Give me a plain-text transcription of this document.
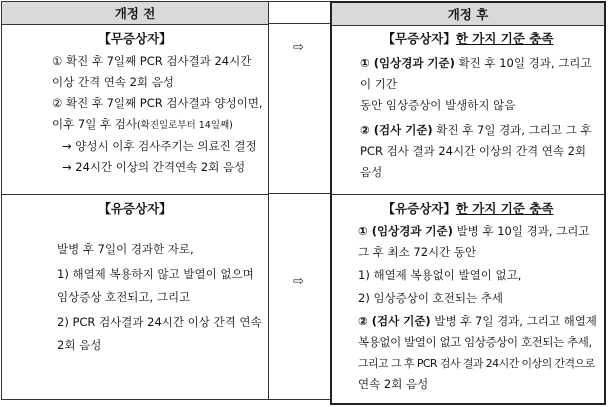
⇨
⇨
개정 전
【무증상자】
① 확진 후 7일째 PCR 검사결과 24시간
이상 간격 연속 2회 음성
② 확진 후 7일째 PCR 검사결과 양성이면,
이후 7일 후 검사(확진일로부터 14일째)
→ 양성시 이후 검사주기는 의료진 결정
→ 24시간 이상의 간격연속 2회 음성
【유증상자】
발병 후 7일이 경과한 자로,
1) 해열제 복용하지 않고 발열이 없으며
임상증상 호전되고, 그리고
2) PCR 검사결과 24시간 이상 간격 연속
2회 음성
개정 후
【무증상자】한 가지 기준 충족
① (임상경과 기준) 확진 후 10일 경과, 그리고 이 기간
동안 임상증상이 발생하지 않음
② (검사 기준) 확진 후 7일 경과, 그리고 그 후
PCR 검사 결과 24시간 이상의 간격 연속 2회
음성
【유증상자】한 가지 기준 충족
① (임상경과 기준) 발병 후 10일 경과, 그리고
그 후 최소 72시간 동안
1) 해열제 복용없이 발열이 없고,
2) 임상증상이 호전되는 추세
② (검사 기준) 발병 후 7일 경과, 그리고 해열제
복용없이 발열이 없고 임상증상이 호전되는 추세,
그리고 그 후 PCR 검사 결과 24시간 이상의 간격으로
연속 2회 음성
